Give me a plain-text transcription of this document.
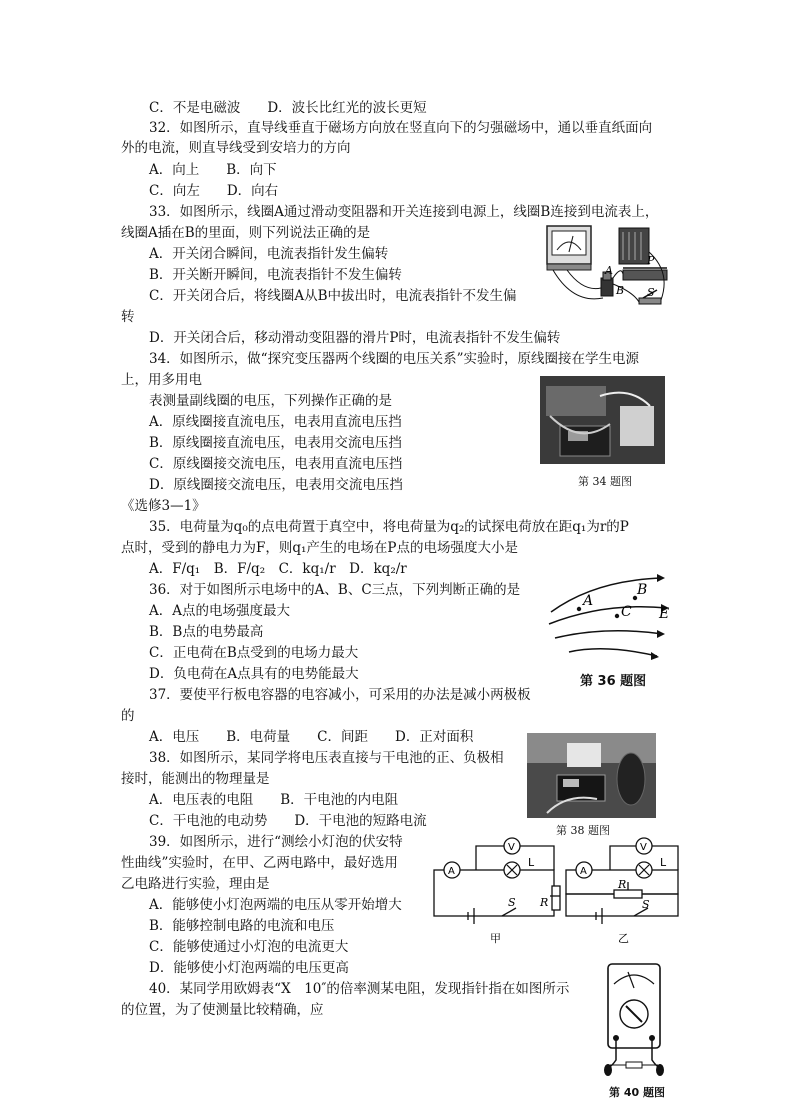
C．不是电磁波　　D．波长比红光的波长更短
32．如图所示，直导线垂直于磁场方向放在竖直向下的匀强磁场中，通以垂直纸面向
外的电流，则直导线受到安培力的方向
A．向上　　B．向下
C．向左　　D．向右
33．如图所示，线圈A通过滑动变阻器和开关连接到电源上，线圈B连接到电流表上，
线圈A插在B的里面，则下列说法正确的是
A．开关闭合瞬间，电流表指针发生偏转
B．开关断开瞬间，电流表指针不发生偏转
C．开关闭合后，将线圈A从B中拔出时，电流表指针不发生偏
转
D．开关闭合后，移动滑动变阻器的滑片P时，电流表指针不发生偏转
34．如图所示，做“探究变压器两个线圈的电压关系”实验时，原线圈接在学生电源
上，用多用电
表测量副线圈的电压，下列操作正确的是
A．原线圈接直流电压，电表用直流电压挡
B．原线圈接直流电压，电表用交流电压挡
C．原线圈接交流电压，电表用直流电压挡
D．原线圈接交流电压，电表用交流电压挡
《选修3—1》
35．电荷量为q₀的点电荷置于真空中，将电荷量为q₂的试探电荷放在距q₁为r的P
点时，受到的静电力为F，则q₁产生的电场在P点的电场强度大小是
A．F/q₁　B．F/q₂　C．kq₁/r　D．kq₂/r
36．对于如图所示电场中的A、B、C三点，下列判断正确的是
A．A点的电场强度最大
B．B点的电势最高
C．正电荷在B点受到的电场力最大
D．负电荷在A点具有的电势能最大
37．要使平行板电容器的电容减小，可采用的办法是减小两极板
的
A．电压　　B．电荷量　　C．间距　　D．正对面积
38．如图所示，某同学将电压表直接与干电池的正、负极相
接时，能测出的物理量是
A．电压表的电阻　　B．干电池的内电阻
C．干电池的电动势　　D．干电池的短路电流
39．如图所示，进行“测绘小灯泡的伏安特
性曲线”实验时，在甲、乙两电路中，最好选用
乙电路进行实验，理由是
A．能够使小灯泡两端的电压从零开始增大
B．能够控制电路的电流和电压
C．能够使通过小灯泡的电流更大
D．能够使小灯泡两端的电压更高
40．某同学用欧姆表“X　10″的倍率测某电阻，发现指针指在如图所示
的位置，为了使测量比较精确，应
A
B
P
S
第 34 题图
A
B
C E
第 36 题图
第 38 题图
A
V
L
R
S
A
V
L
R
S
甲	乙
第 40 题图
